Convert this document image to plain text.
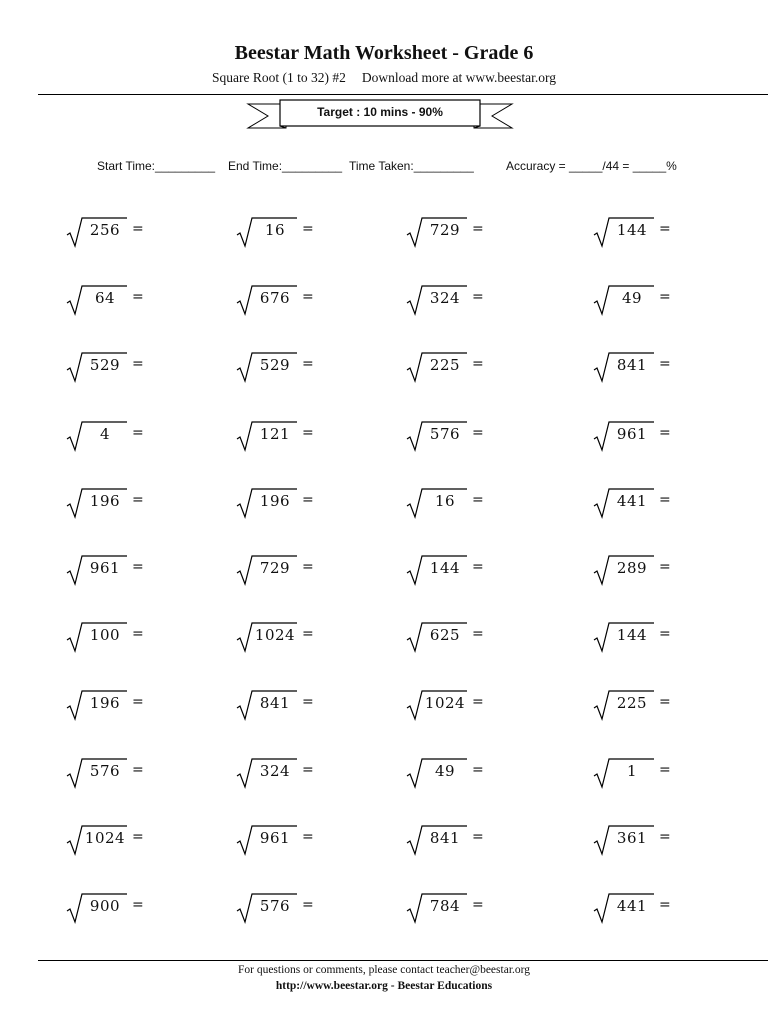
Beestar Math Worksheet - Grade 6
Square Root (1 to 32) #2 Download more at www.beestar.org
Target : 10 mins - 90%
Start Time:_________ End Time:_________ Time Taken:_________	Accuracy = _____/44 = _____%
256 =	16	=	729 =	144 =
64	=	676 =	324 =	49	=
529 =	529 =	225 =	841 =
4	=	121 =	576 =	961 =
196 =	196 =	16	=	441 =
961 =	729 =	144 =	289 =
100 =	1024 =	625 =	144 =
196 =	841 =	1024 =	225 =
576 =	324 =	49	=	1	=
1024 =	961 =	841 =	361 =
900 =	576 =	784 =	441 =
For questions or comments, please contact teacher@beestar.org
http://www.beestar.org - Beestar Educations
